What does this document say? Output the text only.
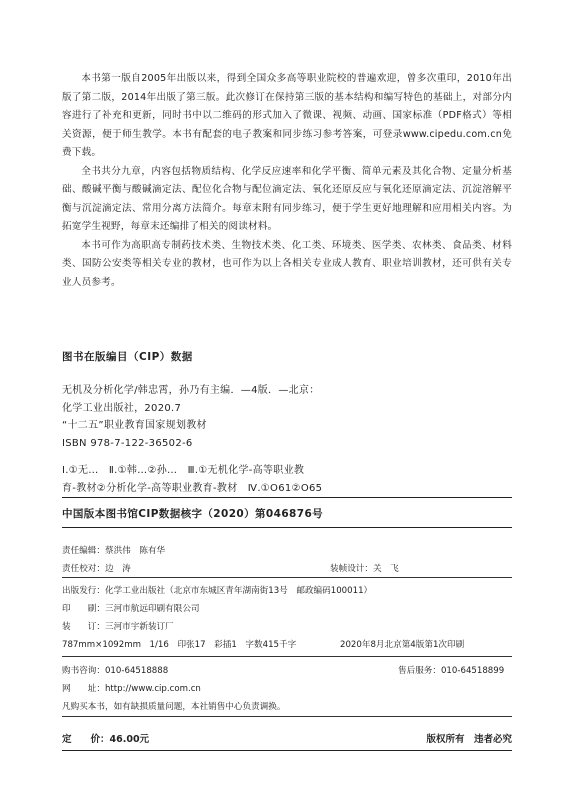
本书第一版自2005年出版以来，得到全国众多高等职业院校的普遍欢迎，曾多次重印，2010年出版了第二版，2014年出版了第三版。此次修订在保持第三版的基本结构和编写特色的基础上，对部分内容进行了补充和更新，同时书中以二维码的形式加入了微课、视频、动画、国家标准（PDF格式）等相关资源，便于师生教学。本书有配套的电子教案和同步练习参考答案，可登录www.cipedu.com.cn免费下载。

全书共分九章，内容包括物质结构、化学反应速率和化学平衡、简单元素及其化合物、定量分析基础、酸碱平衡与酸碱滴定法、配位化合物与配位滴定法、氧化还原反应与氧化还原滴定法、沉淀溶解平衡与沉淀滴定法、常用分离方法简介。每章末附有同步练习，便于学生更好地理解和应用相关内容。为拓宽学生视野，每章末还编排了相关的阅读材料。

本书可作为高职高专制药技术类、生物技术类、化工类、环境类、医学类、农林类、食品类、材料类、国防公安类等相关专业的教材，也可作为以上各相关专业成人教育、职业培训教材，还可供有关专业人员参考。

图书在版编目（CIP）数据
无机及分析化学/韩忠霄，孙乃有主编．—4版．—北京：
化学工业出版社，2020.7
“十二五”职业教育国家规划教材
ISBN 978-7-122-36502-6
Ⅰ.①无…　Ⅱ.①韩…②孙…　Ⅲ.①无机化学-高等职业教
育-教材②分析化学-高等职业教育-教材　Ⅳ.①O61②O65
中国版本图书馆CIP数据核字（2020）第046876号
责任编辑：蔡洪伟　陈有华
责任校对：边　涛	装帧设计：关　飞
出版发行：化学工业出版社（北京市东城区青年湖南街13号　邮政编码100011）
印　　刷：三河市航远印刷有限公司
装　　订：三河市宇新装订厂
787mm×1092mm　1/16　印张17　彩插1　字数415千字	2020年8月北京第4版第1次印刷
购书咨询：010-64518888	售后服务：010-64518899
网　　址：http://www.cip.com.cn
凡购买本书，如有缺损质量问题，本社销售中心负责调换。
定　　价：46.00元	版权所有　违者必究
